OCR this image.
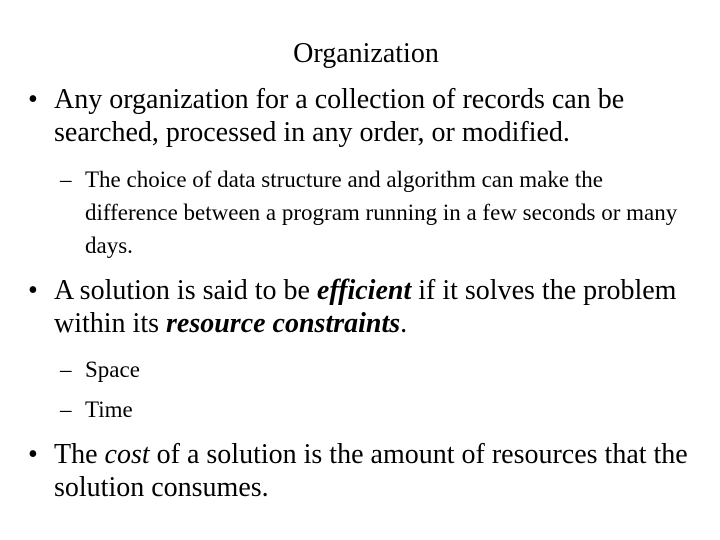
Organization
• Any organization for a collection of records can be searched, processed in any order, or modified.
– The choice of data structure and algorithm can make the difference between a program running in a few seconds or many days.
• A solution is said to be efficient if it solves the problem within its resource constraints.
– Space
– Time
• The cost of a solution is the amount of resources that the solution consumes.
